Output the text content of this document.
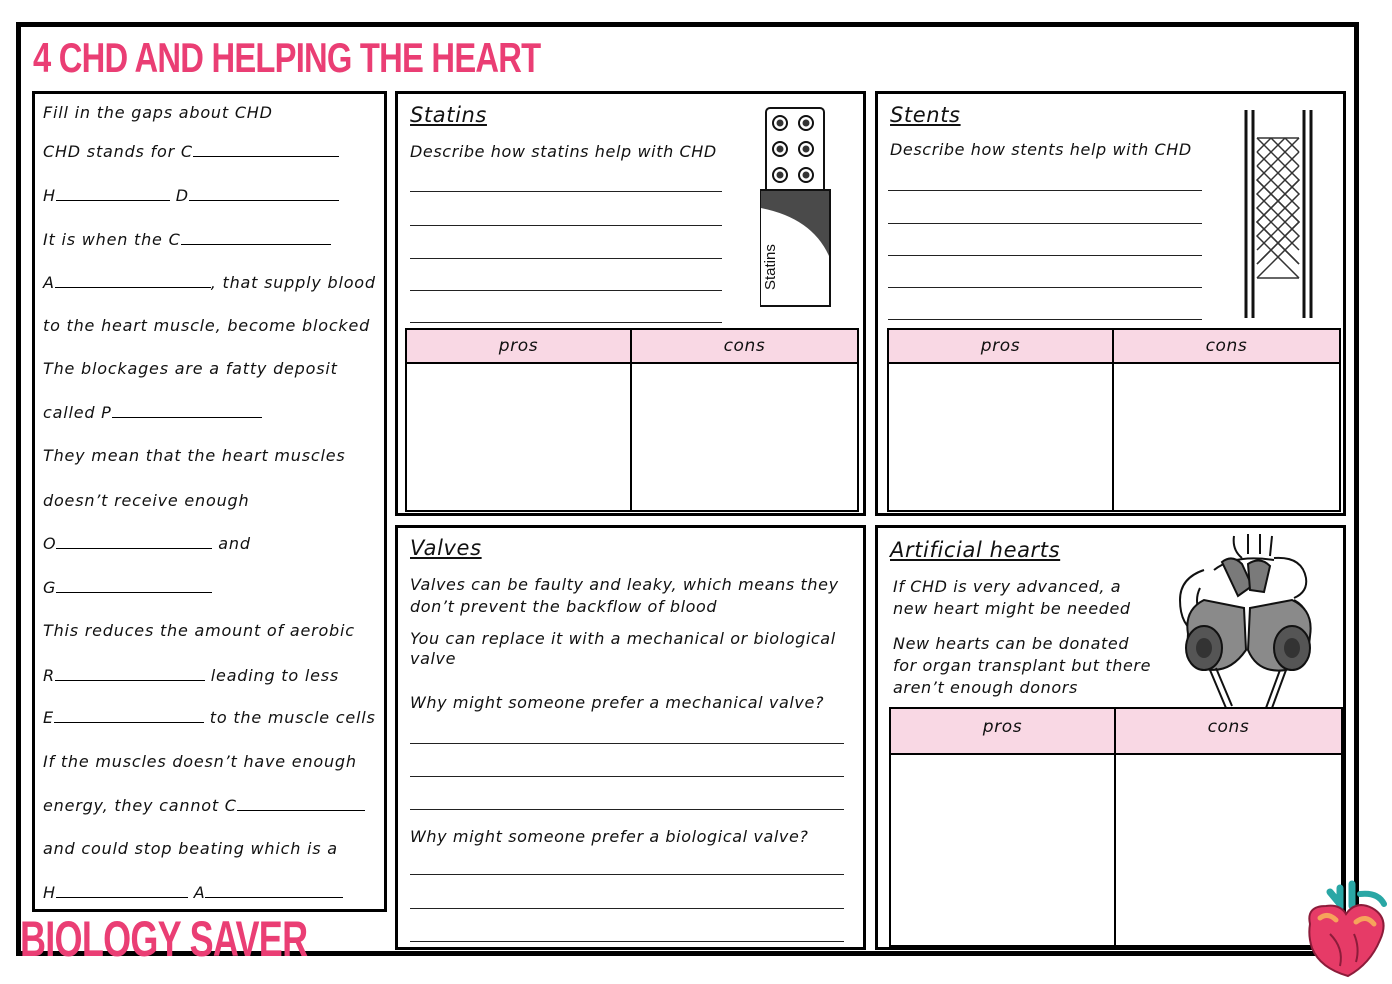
4 CHD AND HELPING THE HEART
Fill in the gaps about CHD
CHD stands for C
H	D
It is when the C
A	, that supply blood
to the heart muscle, become blocked
The blockages are a fatty deposit
called P
They mean that the heart muscles
doesn’t receive enough
O	and
G
This reduces the amount of aerobic
R	leading to less
E	to the muscle cells
If the muscles doesn’t have enough
energy, they cannot C
and could stop beating which is a
H	A
Statins
Describe how statins help with CHD
Statins
pros	cons
Stents
Describe how stents help with CHD
pros	cons
Valves
Valves can be faulty and leaky, which means they don’t prevent the backflow of blood
You can replace it with a mechanical or biological valve
Why might someone prefer a mechanical valve?
Why might someone prefer a biological valve?
Artificial hearts
If CHD is very advanced, a new heart might be needed
New hearts can be donated for organ transplant but there aren’t enough donors
pros	cons
BIOLOGY SAVER
